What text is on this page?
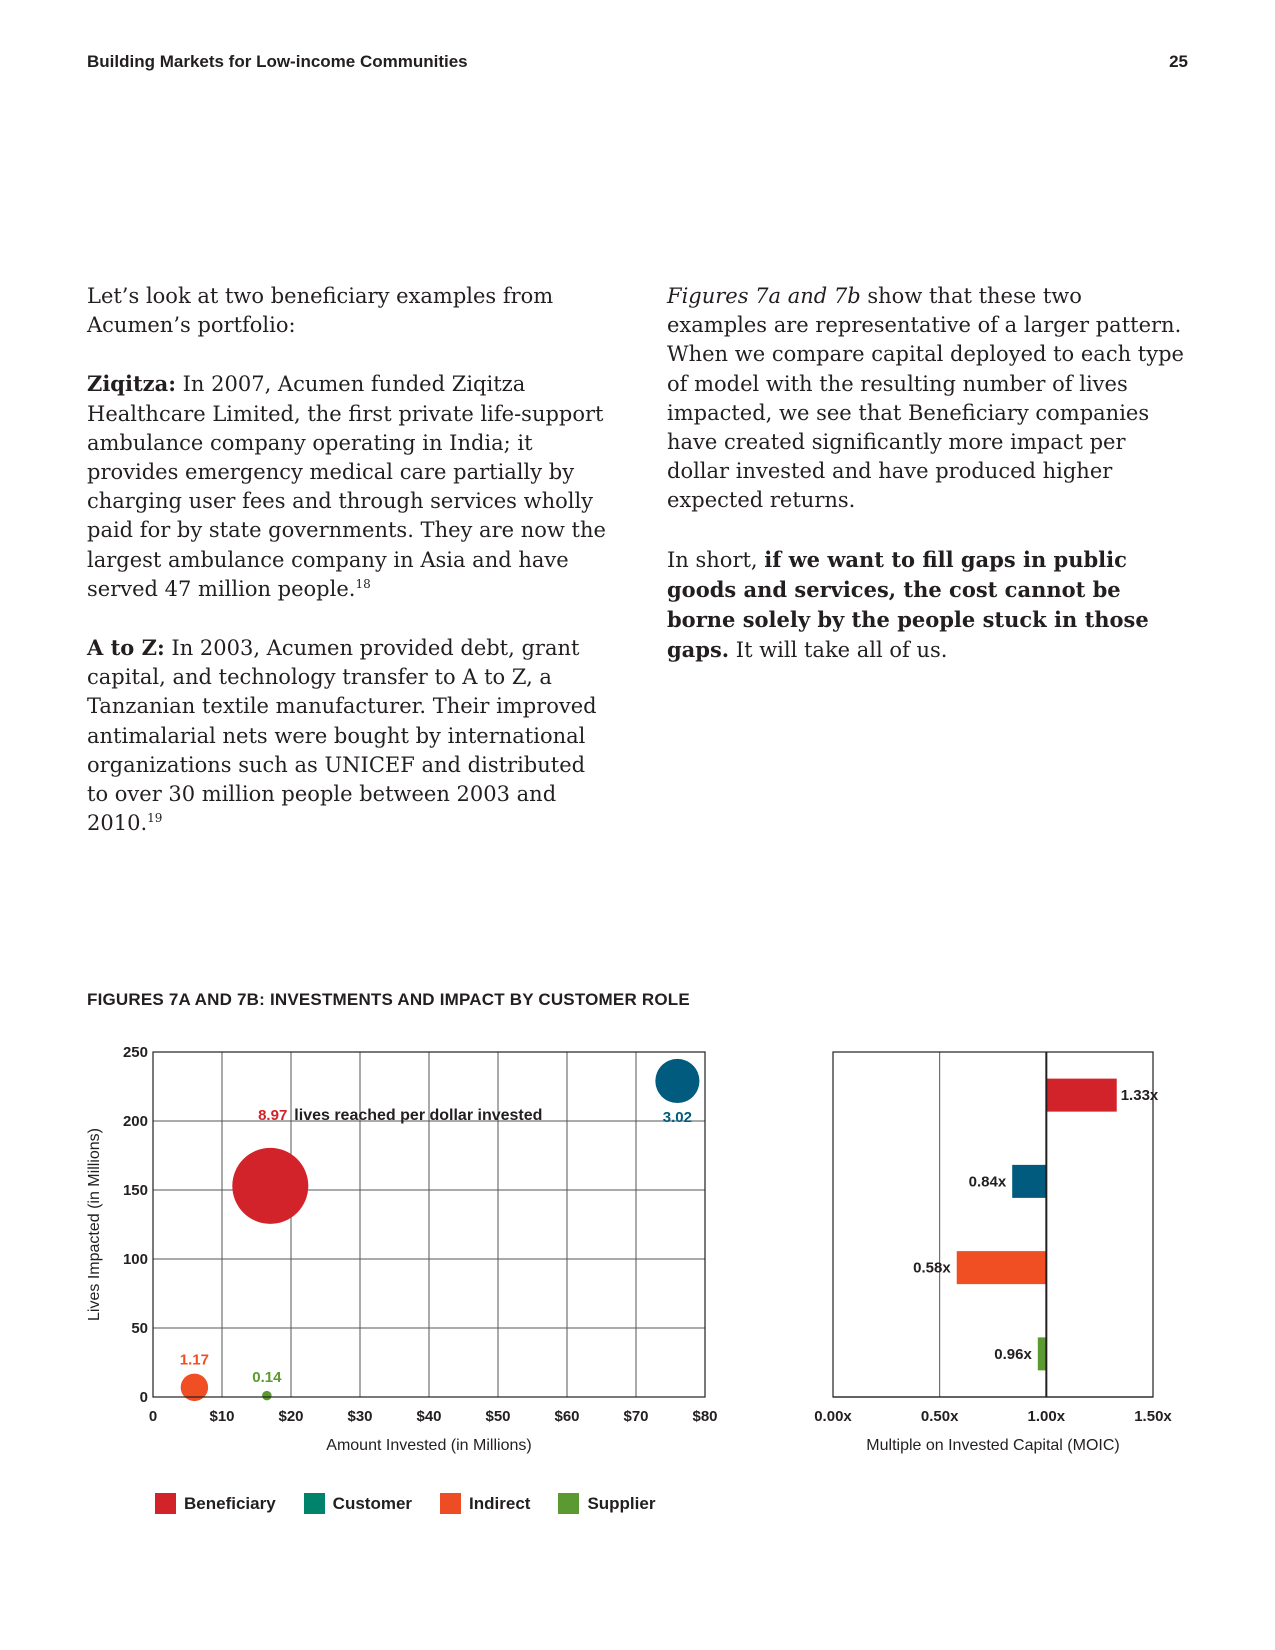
Building Markets for Low-income Communities	25

Let’s look at two beneficiary examples from Acumen’s portfolio:

Ziqitza: In 2007, Acumen funded Ziqitza Healthcare Limited, the first private life-support ambulance company operating in India; it provides emergency medical care partially by charging user fees and through services wholly paid for by state governments. They are now the largest ambulance company in Asia and have served 47 million people.$^{18}$

A to Z: In 2003, Acumen provided debt, grant capital, and technology transfer to A to Z, a Tanzanian textile manufacturer. Their improved antimalarial nets were bought by international organizations such as UNICEF and distributed to over 30 million people between 2003 and 2010.19

Figures 7a and 7b show that these two examples are representative of a larger pattern. When we compare capital deployed to each type of model with the resulting number of lives impacted, we see that Beneficiary companies have created significantly more impact per dollar invested and have produced higher expected returns.

In short, if we want to fill gaps in public goods and services, the cost cannot be borne solely by the people stuck in those gaps. It will take all of us.

FIGURES 7A AND 7B: INVESTMENTS AND IMPACT BY CUSTOMER ROLE
0	$10	$20	$30	$40	$50	$60	$70	$80
0
50
100
150
200
250
Amount Invested (in Millions)
Lives Impacted (in Millions)
8.97 lives reached per dollar invested	3.02
1.17
0.14
0.00x	0.50x	1.00x	1.50x
Multiple on Invested Capital (MOIC)
1.33x
0.84x
0.58x
0.96x
Beneficiary	Customer	Indirect	Supplier
